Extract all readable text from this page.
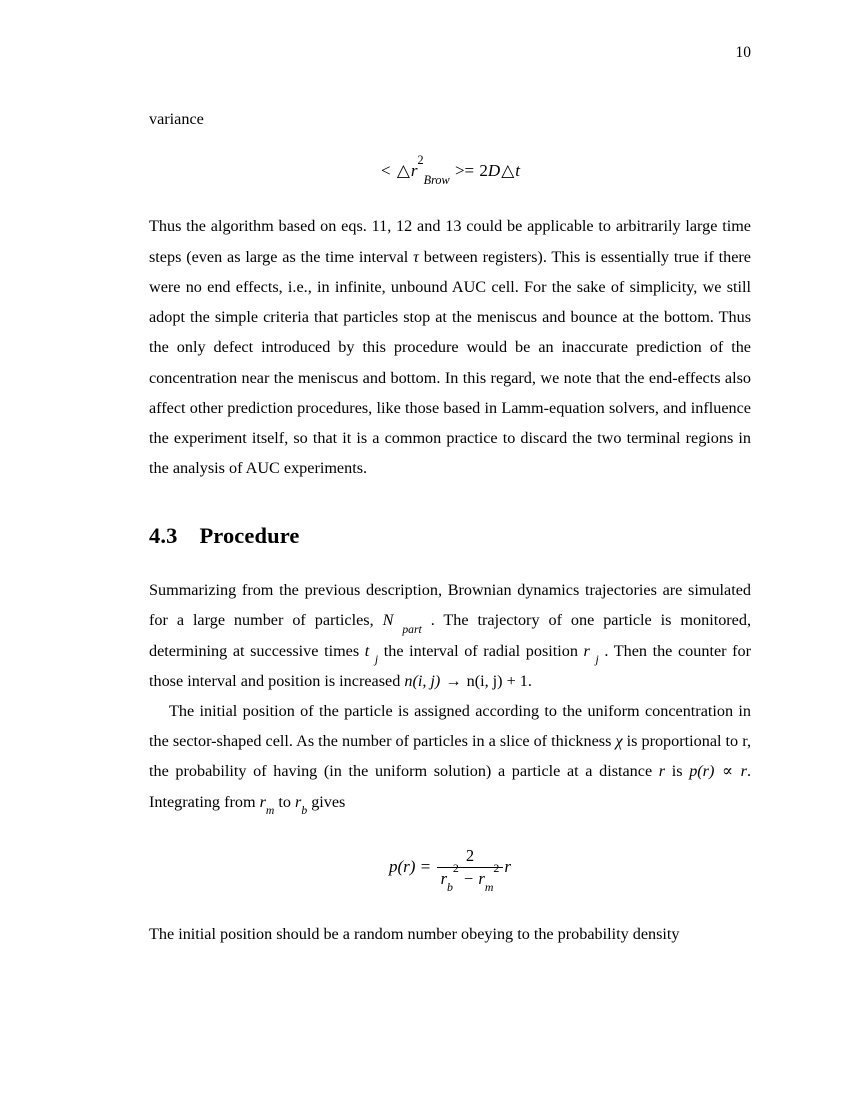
10

variance

< $\triangle r^2_{Brow}$ >= 2D△t

Thus the algorithm based on eqs. 11, 12 and 13 could be applicable to arbitrarily large time steps (even as large as the time interval τ between registers). This is essentially true if there were no end effects, i.e., in infinite, unbound AUC cell. For the sake of simplicity, we still adopt the simple criteria that particles stop at the meniscus and bounce at the bottom. Thus the only defect introduced by this procedure would be an inaccurate prediction of the concentration near the meniscus and bottom. In this regard, we note that the end-effects also affect other prediction procedures, like those based in Lamm-equation solvers, and influence the experiment itself, so that it is a common practice to discard the two terminal regions in the analysis of AUC experiments.

4.3 Procedure

Summarizing from the previous description, Brownian dynamics trajectories are simulated for a large number of particles, N $_{part}$ . The trajectory of one particle is monitored, determining at successive times t $_j$ the interval of radial position r $_j$ . Then the counter for those interval and position is increased n(i, j) → n(i, j) + 1.

The initial position of the particle is assigned according to the uniform concentration in the sector-shaped cell. As the number of particles in a slice of thickness χ is proportional to r, the probability of having (in the uniform solution) a particle at a distance r is p(r) ∝ r. Integrating from $r_m$ to $r_b$ gives

$p(r) = \frac{2}{r_b^2 - r_m^2}$ r

The initial position should be a random number obeying to the probability density
